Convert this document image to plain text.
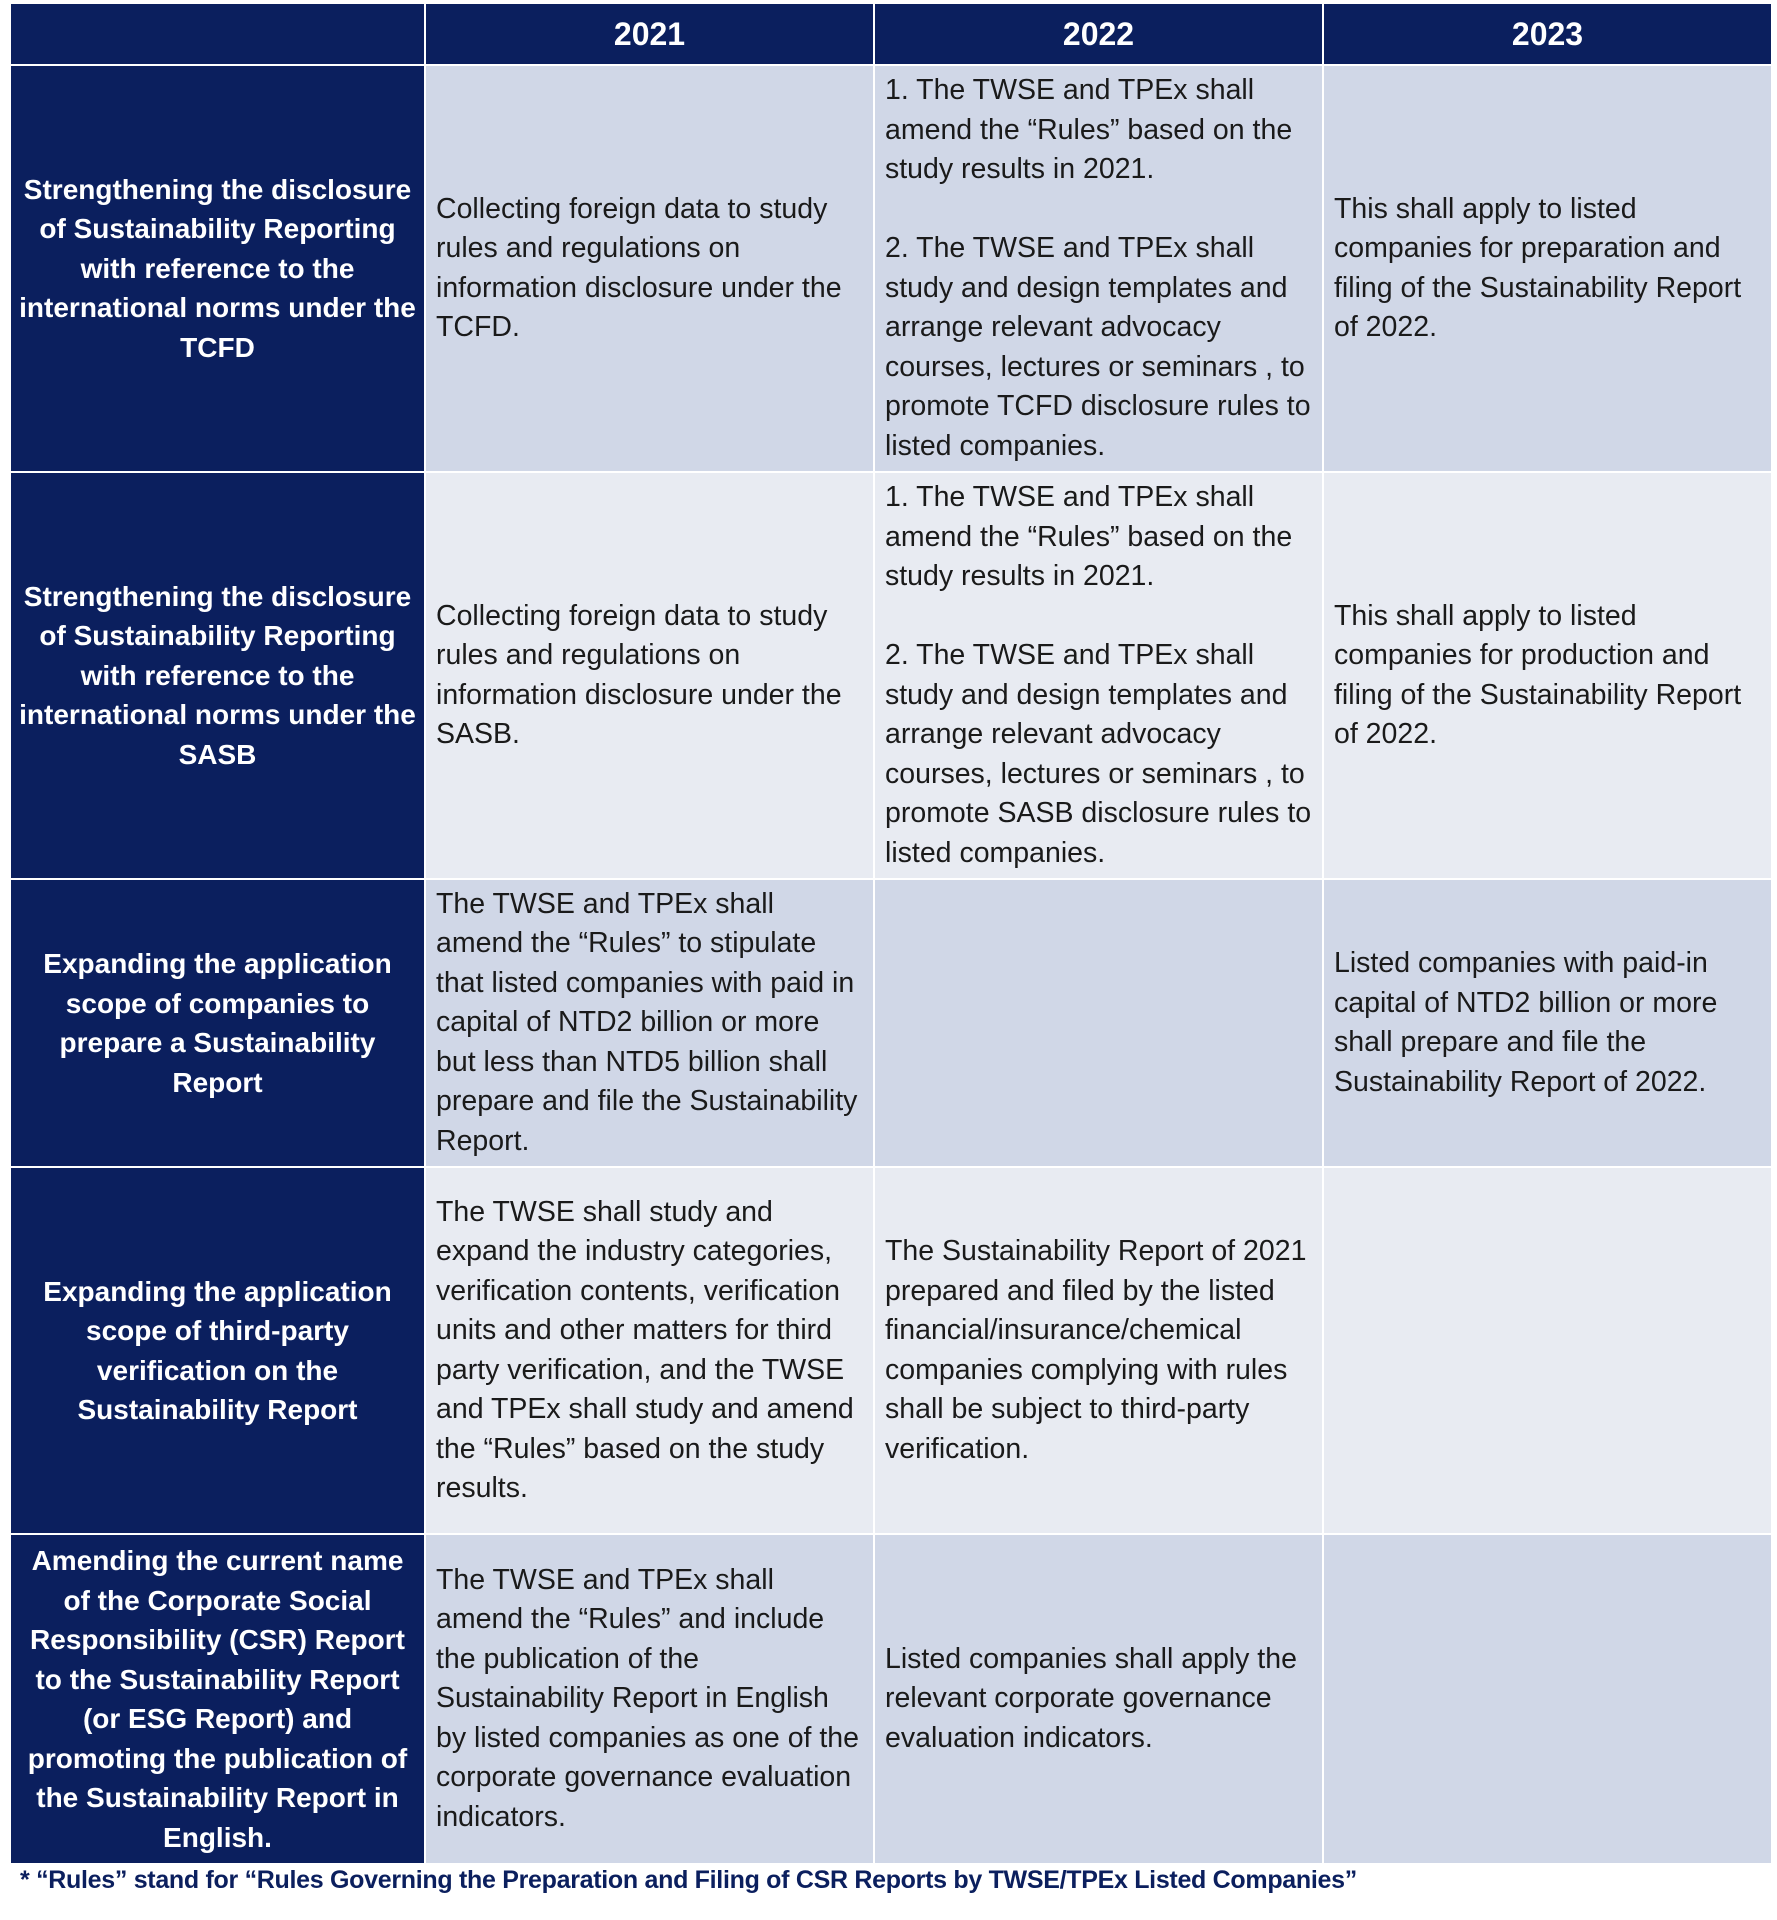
	2021	2022	2023
Strengthening the disclosure of Sustainability Reporting with reference to the international norms under the TCFD	Collecting foreign data to study rules and regulations on information disclosure under the TCFD.	1. The TWSE and TPEx shall amend the “Rules” based on the study results in 2021.

2. The TWSE and TPEx shall study and design templates and arrange relevant advocacy courses, lectures or seminars , to promote TCFD disclosure rules to listed companies.	This shall apply to listed companies for preparation and filing of the Sustainability Report of 2022.
Strengthening the disclosure of Sustainability Reporting with reference to the international norms under the SASB	Collecting foreign data to study rules and regulations on information disclosure under the SASB.	1. The TWSE and TPEx shall amend the “Rules” based on the study results in 2021.

2. The TWSE and TPEx shall study and design templates and arrange relevant advocacy courses, lectures or seminars , to promote SASB disclosure rules to listed companies.	This shall apply to listed companies for production and filing of the Sustainability Report of 2022.
Expanding the application scope of companies to prepare a Sustainability Report	The TWSE and TPEx shall amend the “Rules” to stipulate that listed companies with paid in capital of NTD2 billion or more but less than NTD5 billion shall prepare and file the Sustainability Report.		Listed companies with paid-in capital of NTD2 billion or more shall prepare and file the Sustainability Report of 2022.
Expanding the application scope of third-party verification on the Sustainability Report	The TWSE shall study and expand the industry categories, verification contents, verification units and other matters for third party verification, and the TWSE and TPEx shall study and amend the “Rules” based on the study results.	The Sustainability Report of 2021 prepared and filed by the listed financial/insurance/chemical companies complying with rules shall be subject to third-party verification.	
Amending the current name of the Corporate Social Responsibility (CSR) Report to the Sustainability Report (or ESG Report) and promoting the publication of the Sustainability Report in English.	The TWSE and TPEx shall amend the “Rules” and include the publication of the Sustainability Report in English by listed companies as one of the corporate governance evaluation indicators.	Listed companies shall apply the relevant corporate governance evaluation indicators.	
* “Rules” stand for “Rules Governing the Preparation and Filing of CSR Reports by TWSE/TPEx Listed Companies”
